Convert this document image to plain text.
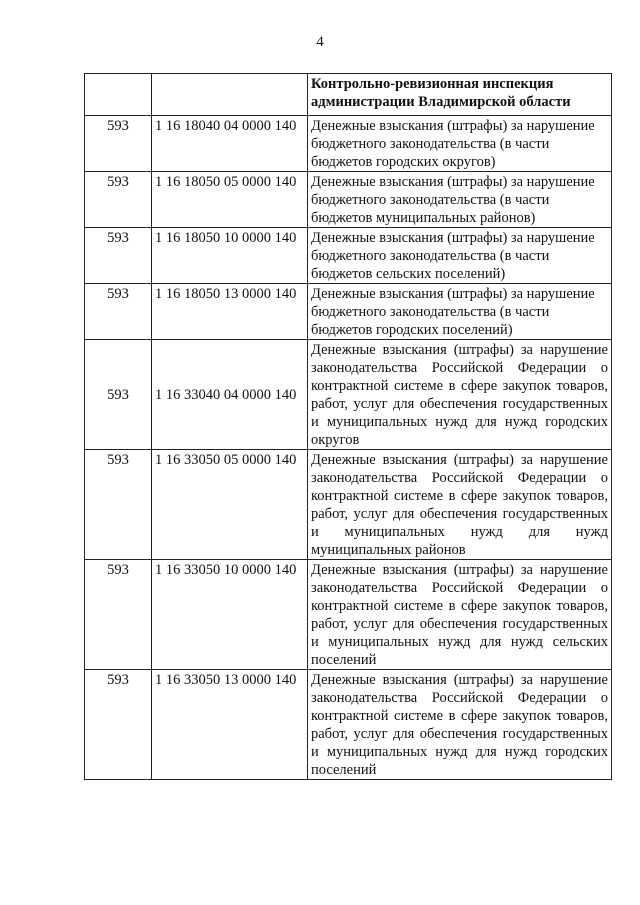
4
		Контрольно-ревизионная инспекция администрации Владимирской области
593	1 16 18040 04 0000 140	Денежные взыскания (штрафы) за нарушение бюджетного законодательства (в части бюджетов городских округов)
593	1 16 18050 05 0000 140	Денежные взыскания (штрафы) за нарушение бюджетного законодательства (в части бюджетов муниципальных районов)
593	1 16 18050 10 0000 140	Денежные взыскания (штрафы) за нарушение бюджетного законодательства (в части бюджетов сельских поселений)
593	1 16 18050 13 0000 140	Денежные взыскания (штрафы) за нарушение бюджетного законодательства (в части бюджетов городских поселений)
593	1 16 33040 04 0000 140	Денежные взыскания (штрафы) за нарушение законодательства Российской Федерации о контрактной системе в сфере закупок товаров, работ, услуг для обеспечения государственных и муниципальных нужд для нужд городских округов
593	1 16 33050 05 0000 140	Денежные взыскания (штрафы) за нарушение законодательства Российской Федерации о контрактной системе в сфере закупок товаров, работ, услуг для обеспечения государственных и муниципальных нужд для нужд муниципальных районов
593	1 16 33050 10 0000 140	Денежные взыскания (штрафы) за нарушение законодательства Российской Федерации о контрактной системе в сфере закупок товаров, работ, услуг для обеспечения государственных и муниципальных нужд для нужд сельских поселений
593	1 16 33050 13 0000 140	Денежные взыскания (штрафы) за нарушение законодательства Российской Федерации о контрактной системе в сфере закупок товаров, работ, услуг для обеспечения государственных и муниципальных нужд для нужд городских поселений
